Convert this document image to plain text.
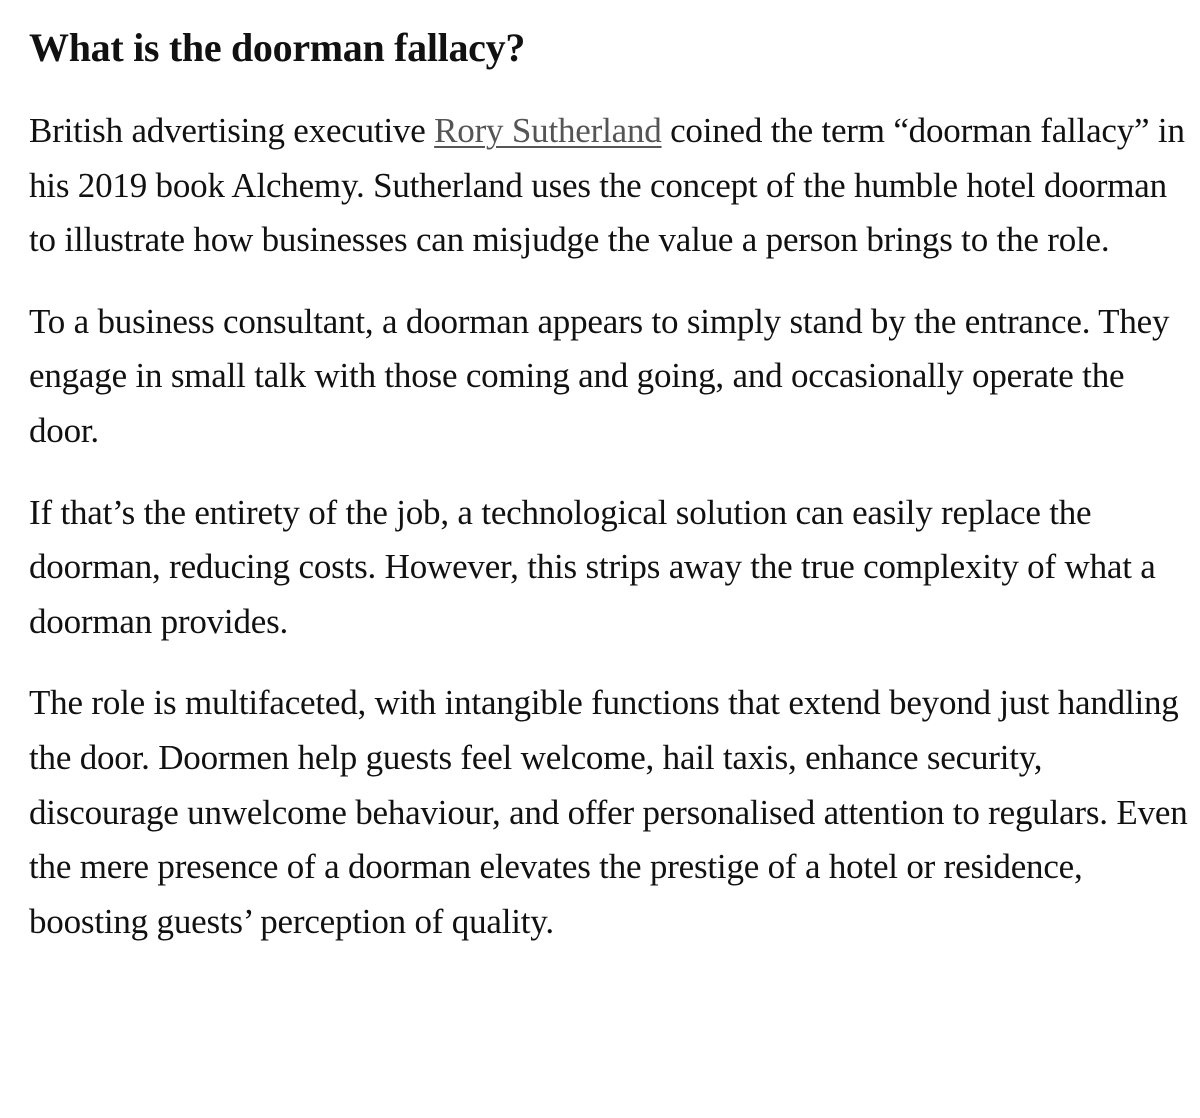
What is the doorman fallacy?

British advertising executive Rory Sutherland coined the term “doorman fallacy” in his 2019 book Alchemy. Sutherland uses the concept of the humble hotel doorman to illustrate how businesses can misjudge the value a person brings to the role.

To a business consultant, a doorman appears to simply stand by the entrance. They engage in small talk with those coming and going, and occasionally operate the door.

If that’s the entirety of the job, a technological solution can easily replace the doorman, reducing costs. However, this strips away the true complexity of what a doorman provides.

The role is multifaceted, with intangible functions that extend beyond just handling the door. Doormen help guests feel welcome, hail taxis, enhance security, discourage unwelcome behaviour, and offer personalised attention to regulars. Even the mere presence of a doorman elevates the prestige of a hotel or residence, boosting guests’ perception of quality.
